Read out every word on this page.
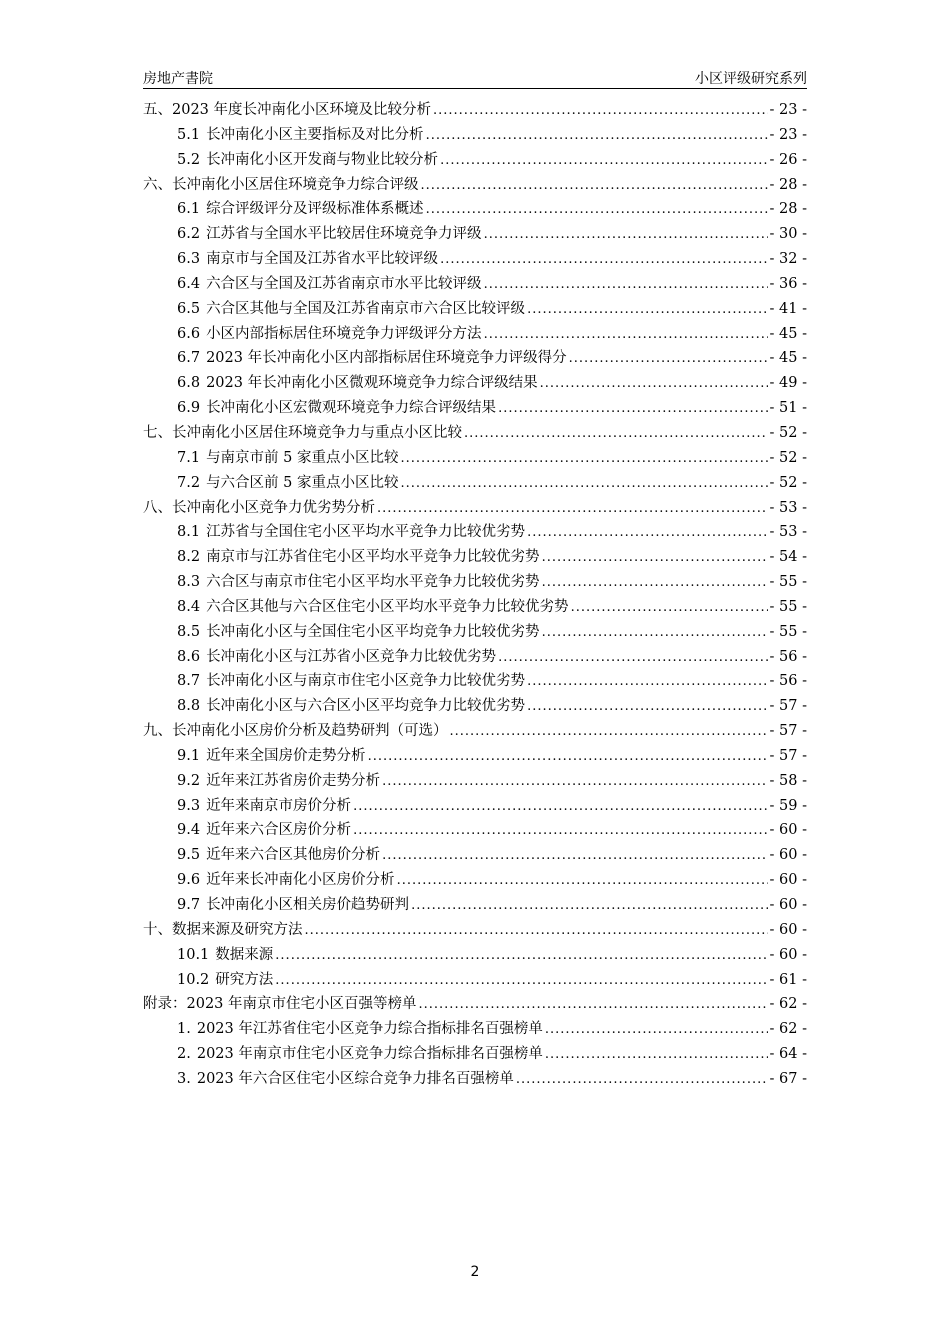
房地产書院	小区评级研究系列
五、2023 年度长冲南化小区环境及比较分析 .....	- 23 -
5.1 长冲南化小区主要指标及对比分析 .....	- 23 -
5.2 长冲南化小区开发商与物业比较分析 .....	- 26 -
六、长冲南化小区居住环境竞争力综合评级 .....	- 28 -
6.1 综合评级评分及评级标准体系概述 .....	- 28 -
6.2 江苏省与全国水平比较居住环境竞争力评级 .....	- 30 -
6.3 南京市与全国及江苏省水平比较评级 .....	- 32 -
6.4 六合区与全国及江苏省南京市水平比较评级 .....	- 36 -
6.5 六合区其他与全国及江苏省南京市六合区比较评级 .....	- 41 -
6.6 小区内部指标居住环境竞争力评级评分方法 .....	- 45 -
6.7 2023 年长冲南化小区内部指标居住环境竞争力评级得分 .....	- 45 -
6.8 2023 年长冲南化小区微观环境竞争力综合评级结果 .....	- 49 -
6.9 长冲南化小区宏微观环境竞争力综合评级结果 .....	- 51 -
七、长冲南化小区居住环境竞争力与重点小区比较 .....	- 52 -
7.1 与南京市前 5 家重点小区比较 .....	- 52 -
7.2 与六合区前 5 家重点小区比较 .....	- 52 -
八、长冲南化小区竞争力优劣势分析 .....	- 53 -
8.1 江苏省与全国住宅小区平均水平竞争力比较优劣势 .....	- 53 -
8.2 南京市与江苏省住宅小区平均水平竞争力比较优劣势 .....	- 54 -
8.3 六合区与南京市住宅小区平均水平竞争力比较优劣势 .....	- 55 -
8.4 六合区其他与六合区住宅小区平均水平竞争力比较优劣势 .....	- 55 -
8.5 长冲南化小区与全国住宅小区平均竞争力比较优劣势 .....	- 55 -
8.6 长冲南化小区与江苏省小区竞争力比较优劣势 .....	- 56 -
8.7 长冲南化小区与南京市住宅小区竞争力比较优劣势 .....	- 56 -
8.8 长冲南化小区与六合区小区平均竞争力比较优劣势 .....	- 57 -
九、长冲南化小区房价分析及趋势研判（可选） .....	- 57 -
9.1 近年来全国房价走势分析 .....	- 57 -
9.2 近年来江苏省房价走势分析 .....	- 58 -
9.3 近年来南京市房价分析 .....	- 59 -
9.4 近年来六合区房价分析 .....	- 60 -
9.5 近年来六合区其他房价分析 .....	- 60 -
9.6 近年来长冲南化小区房价分析 .....	- 60 -
9.7 长冲南化小区相关房价趋势研判 .....	- 60 -
十、数据来源及研究方法 .....	- 60 -
10.1 数据来源 .....	- 60 -
10.2 研究方法 .....	- 61 -
附录：2023 年南京市住宅小区百强等榜单 .....	- 62 -
1. 2023 年江苏省住宅小区竞争力综合指标排名百强榜单 .....	- 62 -
2. 2023 年南京市住宅小区竞争力综合指标排名百强榜单 .....	- 64 -
3. 2023 年六合区住宅小区综合竞争力排名百强榜单 .....	- 67 -
2
